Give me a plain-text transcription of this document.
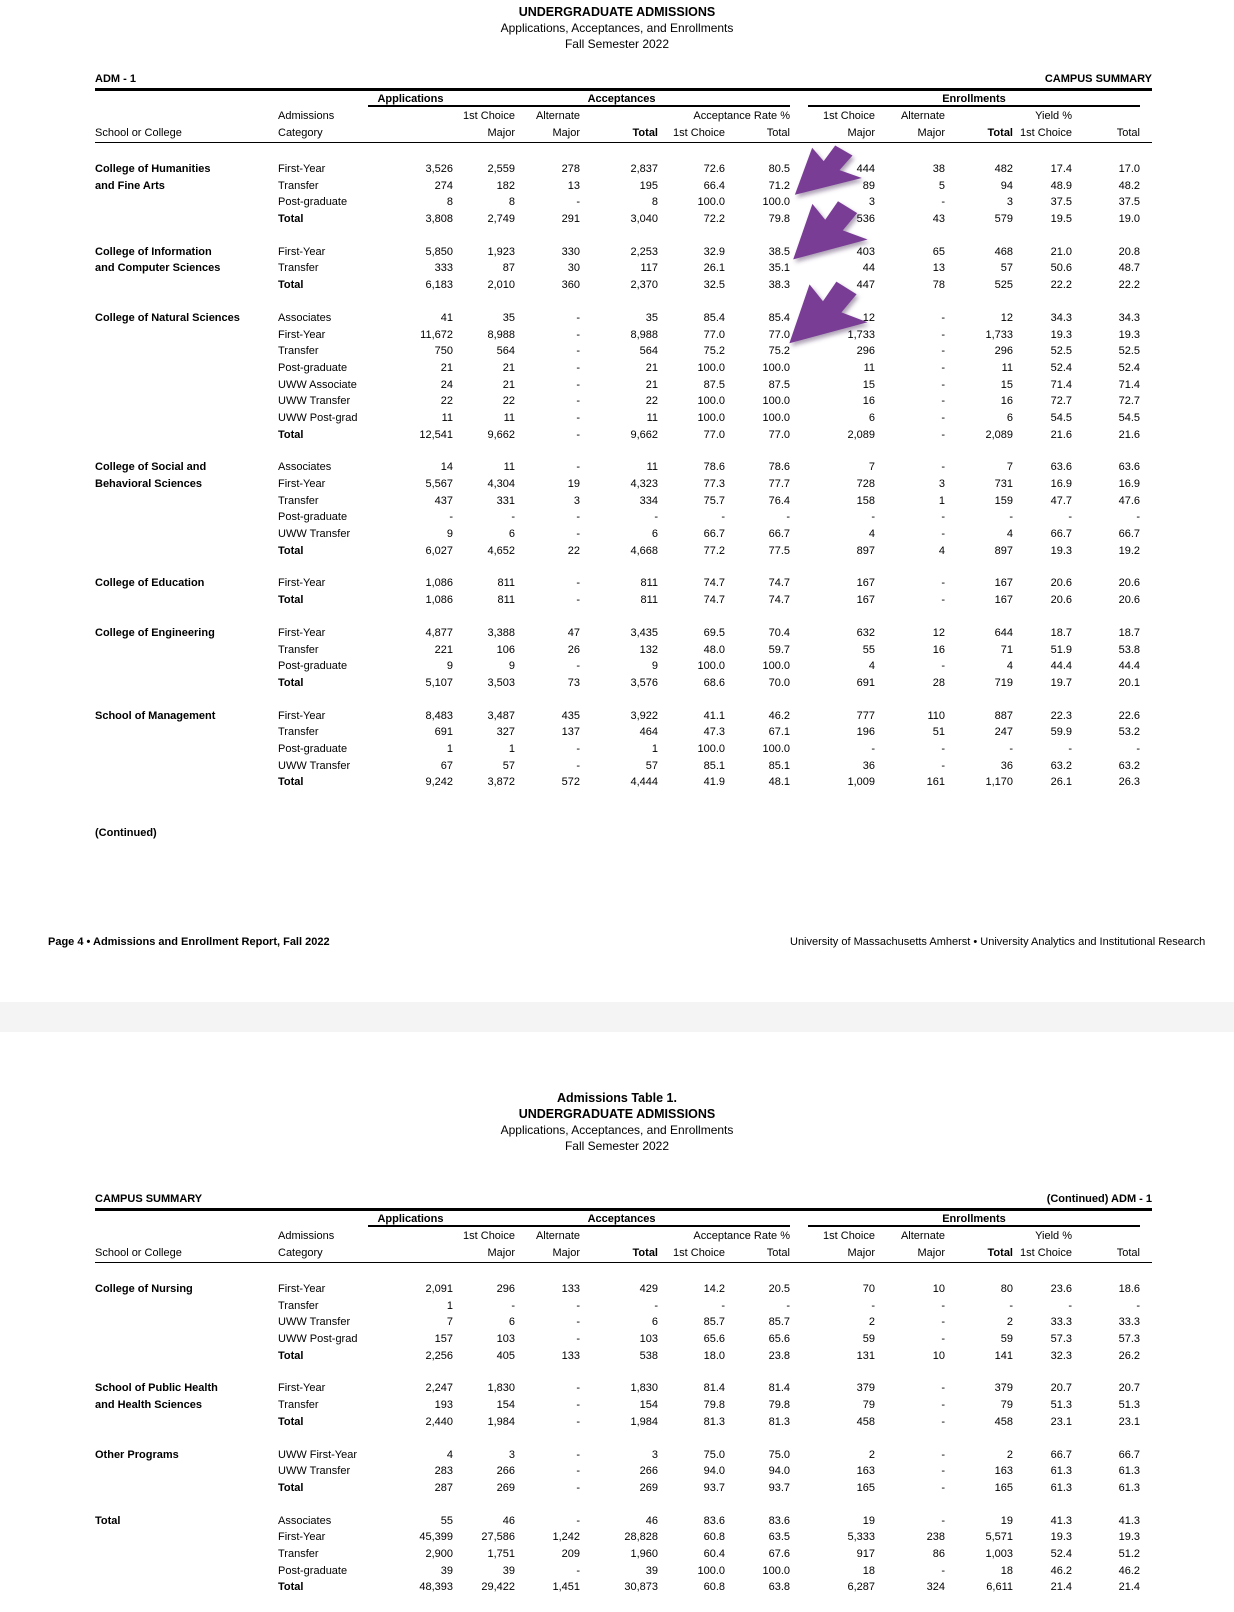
UNDERGRADUATE ADMISSIONS
Applications, Acceptances, and Enrollments
Fall Semester 2022
ADM - 1	CAMPUS SUMMARY
Applications	Acceptances	Enrollments
Admissions	1st Choice	Alternate	Acceptance Rate %	1st Choice	Alternate	Yield %
School or College	Category	Major	Major	Total	1st Choice	Total	Major	Major	Total 1st Choice	Total
College of Humanities	First-Year	3,526	2,559	278	2,837	72.6	80.5	444	38	482	17.4	17.0
and Fine Arts	Transfer	274	182	13	195	66.4	71.2	89	5	94	48.9	48.2
Post-graduate	8	8	-	8	100.0	100.0	3	-	3	37.5	37.5
Total	3,808	2,749	291	3,040	72.2	79.8	536	43	579	19.5	19.0
College of Information	First-Year	5,850	1,923	330	2,253	32.9	38.5	403	65	468	21.0	20.8
and Computer Sciences	Transfer	333	87	30	117	26.1	35.1	44	13	57	50.6	48.7
Total	6,183	2,010	360	2,370	32.5	38.3	447	78	525	22.2	22.2
College of Natural Sciences	Associates	41	35	-	35	85.4	85.4	12	-	12	34.3	34.3
First-Year	11,672	8,988	-	8,988	77.0	77.0	1,733	-	1,733	19.3	19.3
Transfer	750	564	-	564	75.2	75.2	296	-	296	52.5	52.5
Post-graduate	21	21	-	21	100.0	100.0	11	-	11	52.4	52.4
UWW Associate	24	21	-	21	87.5	87.5	15	-	15	71.4	71.4
UWW Transfer	22	22	-	22	100.0	100.0	16	-	16	72.7	72.7
UWW Post-grad	11	11	-	11	100.0	100.0	6	-	6	54.5	54.5
Total	12,541	9,662	-	9,662	77.0	77.0	2,089	-	2,089	21.6	21.6
College of Social and	Associates	14	11	-	11	78.6	78.6	7	-	7	63.6	63.6
Behavioral Sciences	First-Year	5,567	4,304	19	4,323	77.3	77.7	728	3	731	16.9	16.9
Transfer	437	331	3	334	75.7	76.4	158	1	159	47.7	47.6
Post-graduate	-	-	-	-	-	-	-	-	-	-	-
UWW Transfer	9	6	-	6	66.7	66.7	4	-	4	66.7	66.7
Total	6,027	4,652	22	4,668	77.2	77.5	897	4	897	19.3	19.2
College of Education	First-Year	1,086	811	-	811	74.7	74.7	167	-	167	20.6	20.6
Total	1,086	811	-	811	74.7	74.7	167	-	167	20.6	20.6
College of Engineering	First-Year	4,877	3,388	47	3,435	69.5	70.4	632	12	644	18.7	18.7
Transfer	221	106	26	132	48.0	59.7	55	16	71	51.9	53.8
Post-graduate	9	9	-	9	100.0	100.0	4	-	4	44.4	44.4
Total	5,107	3,503	73	3,576	68.6	70.0	691	28	719	19.7	20.1
School of Management	First-Year	8,483	3,487	435	3,922	41.1	46.2	777	110	887	22.3	22.6
Transfer	691	327	137	464	47.3	67.1	196	51	247	59.9	53.2
Post-graduate	1	1	-	1	100.0	100.0	-	-	-	-	-
UWW Transfer	67	57	-	57	85.1	85.1	36	-	36	63.2	63.2
Total	9,242	3,872	572	4,444	41.9	48.1	1,009	161	1,170	26.1	26.3
(Continued)
Page 4 • Admissions and Enrollment Report, Fall 2022	University of Massachusetts Amherst • University Analytics and Institutional Research
Admissions Table 1.
UNDERGRADUATE ADMISSIONS
Applications, Acceptances, and Enrollments
Fall Semester 2022
CAMPUS SUMMARY	(Continued) ADM - 1
Applications	Acceptances	Enrollments
Admissions	1st Choice	Alternate	Acceptance Rate %	1st Choice	Alternate	Yield %
School or College	Category	Major	Major	Total	1st Choice	Total	Major	Major	Total 1st Choice	Total
College of Nursing	First-Year	2,091	296	133	429	14.2	20.5	70	10	80	23.6	18.6
Transfer	1	-	-	-	-	-	-	-	-	-	-
UWW Transfer	7	6	-	6	85.7	85.7	2	-	2	33.3	33.3
UWW Post-grad	157	103	-	103	65.6	65.6	59	-	59	57.3	57.3
Total	2,256	405	133	538	18.0	23.8	131	10	141	32.3	26.2
School of Public Health	First-Year	2,247	1,830	-	1,830	81.4	81.4	379	-	379	20.7	20.7
and Health Sciences	Transfer	193	154	-	154	79.8	79.8	79	-	79	51.3	51.3
Total	2,440	1,984	-	1,984	81.3	81.3	458	-	458	23.1	23.1
Other Programs	UWW First-Year	4	3	-	3	75.0	75.0	2	-	2	66.7	66.7
UWW Transfer	283	266	-	266	94.0	94.0	163	-	163	61.3	61.3
Total	287	269	-	269	93.7	93.7	165	-	165	61.3	61.3
Total	Associates	55	46	-	46	83.6	83.6	19	-	19	41.3	41.3
First-Year	45,399	27,586	1,242	28,828	60.8	63.5	5,333	238	5,571	19.3	19.3
Transfer	2,900	1,751	209	1,960	60.4	67.6	917	86	1,003	52.4	51.2
Post-graduate	39	39	-	39	100.0	100.0	18	-	18	46.2	46.2
Total	48,393	29,422	1,451	30,873	60.8	63.8	6,287	324	6,611	21.4	21.4
